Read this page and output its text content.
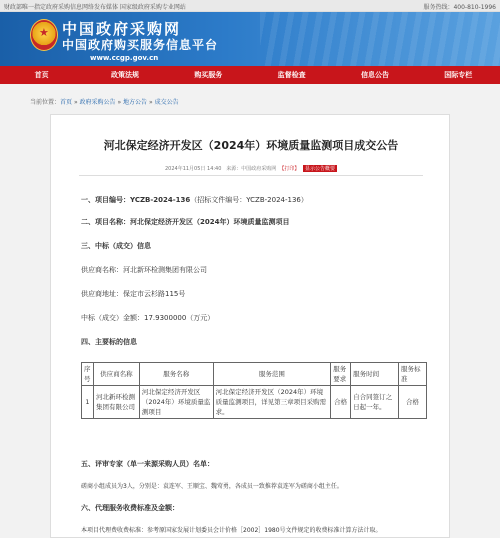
财政部唯一指定政府采购信息网络发布媒体 国家级政府采购专业网站	服务热线：400-810-1996
★
中国政府采购网
中国政府购买服务信息平台
www.ccgp.gov.cn
首页	政策法规	购买服务	监督检查	信息公告	国际专栏
当前位置：首页 » 政府采购公告 » 地方公告 » 成交公告
河北保定经济开发区（2024年）环境质量监测项目成交公告
2024年11月05日 14:40 来源：中国政府采购网 【打印】 显示公告概要
一、项目编号：YCZB-2024-136（招标文件编号：YCZB-2024-136）
二、项目名称：河北保定经济开发区（2024年）环境质量监测项目
三、中标（成交）信息
供应商名称：河北新环检测集团有限公司
供应商地址：保定市云杉路115号
中标（成交）金额：17.9300000（万元）
四、主要标的信息
序号	供应商名称	服务名称	服务范围	服务要求	服务时间	服务标准
1	河北新环检测集团有限公司	河北保定经济开发区（2024年）环境质量监测项目	河北保定经济开发区（2024年）环境质量监测项目，详见第三章项目采购需求。	合格	自合同签订之日起一年。	合格
五、评审专家（单一来源采购人员）名单：
磋商小组成员为3人，分别是：袁连军、王顺宝、魏莺勇，各成员一致推荐袁连军为磋商小组主任。
六、代理服务收费标准及金额：
本项目代理费收费标准：参考原国家发展计划委员会计价格［2002］1980号文件规定的收费标准计算方法计取。
